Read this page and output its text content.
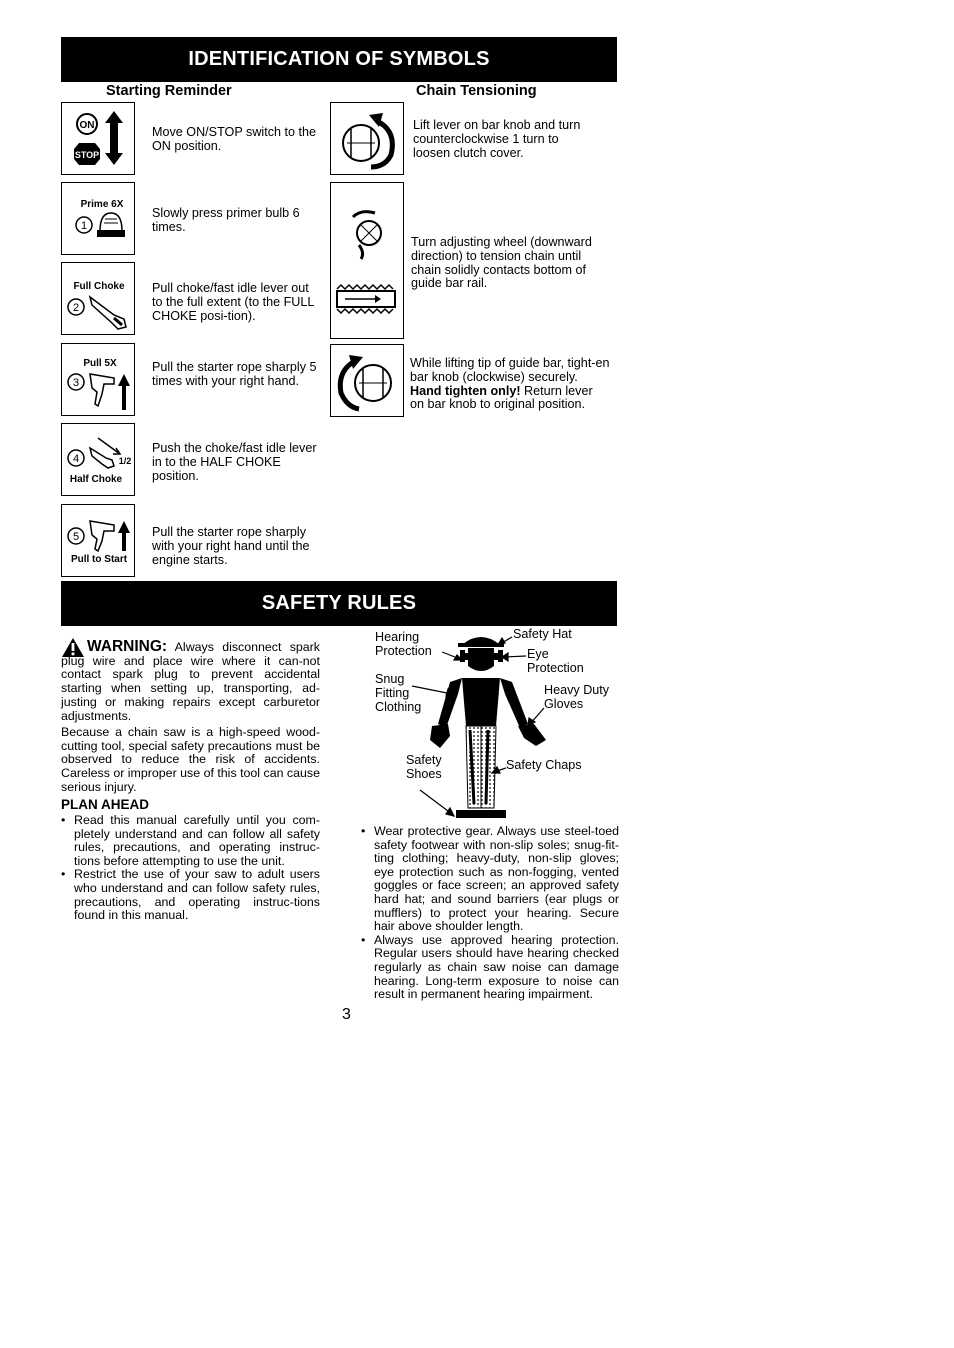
IDENTIFICATION OF SYMBOLS
Starting Reminder	Chain Tensioning
ON
STOP
Move ON/STOP switch to the ON position.
Prime 6X
1
Slowly press primer bulb 6 times.
Full Choke
2
Pull choke/fast idle lever out to the full extent (to the FULL CHOKE posi-tion).
Pull 5X
3
Pull the starter rope sharply 5 times with your right hand.
4	1/2
Half Choke
Push the choke/fast idle lever in to the HALF CHOKE position.
5
Pull to Start
Pull the starter rope sharply with your right hand until the engine starts.
Lift lever on bar knob and turn counterclockwise 1 turn to loosen clutch cover.
Turn adjusting wheel (downward direction) to tension chain until chain solidly contacts bottom of guide bar rail.
While lifting tip of guide bar, tight-en bar knob (clockwise) securely. Hand tighten only! Return lever on bar knob to original position.
SAFETY RULES
WARNING: Always disconnect spark plug wire and place wire where it can-not contact spark plug to prevent accidental starting when setting up, transporting, ad-justing or making repairs except carburetor adjustments.
Because a chain saw is a high-speed wood-cutting tool, special safety precautions must be observed to reduce the risk of accidents. Careless or improper use of this tool can cause serious injury.
PLAN AHEAD
• Read this manual carefully until you com-pletely understand and can follow all safety rules, precautions, and operating instruc-tions before attempting to use the unit.
• Restrict the use of your saw to adult users who understand and can follow safety rules, precautions, and operating instruc-tions found in this manual.
Hearing Protection
Safety Hat
Eye Protection
Snug Fitting Clothing
Heavy Duty Gloves
Safety Shoes
Safety Chaps
• Wear protective gear. Always use steel-toed safety footwear with non-slip soles; snug-fit-ting clothing; heavy-duty, non-slip gloves; eye protection such as non-fogging, vented goggles or face screen; an approved safety hard hat; and sound barriers (ear plugs or mufflers) to protect your hearing. Secure hair above shoulder length.
• Always use approved hearing protection. Regular users should have hearing checked regularly as chain saw noise can damage hearing. Long-term exposure to noise can result in permanent hearing impairment.
3
